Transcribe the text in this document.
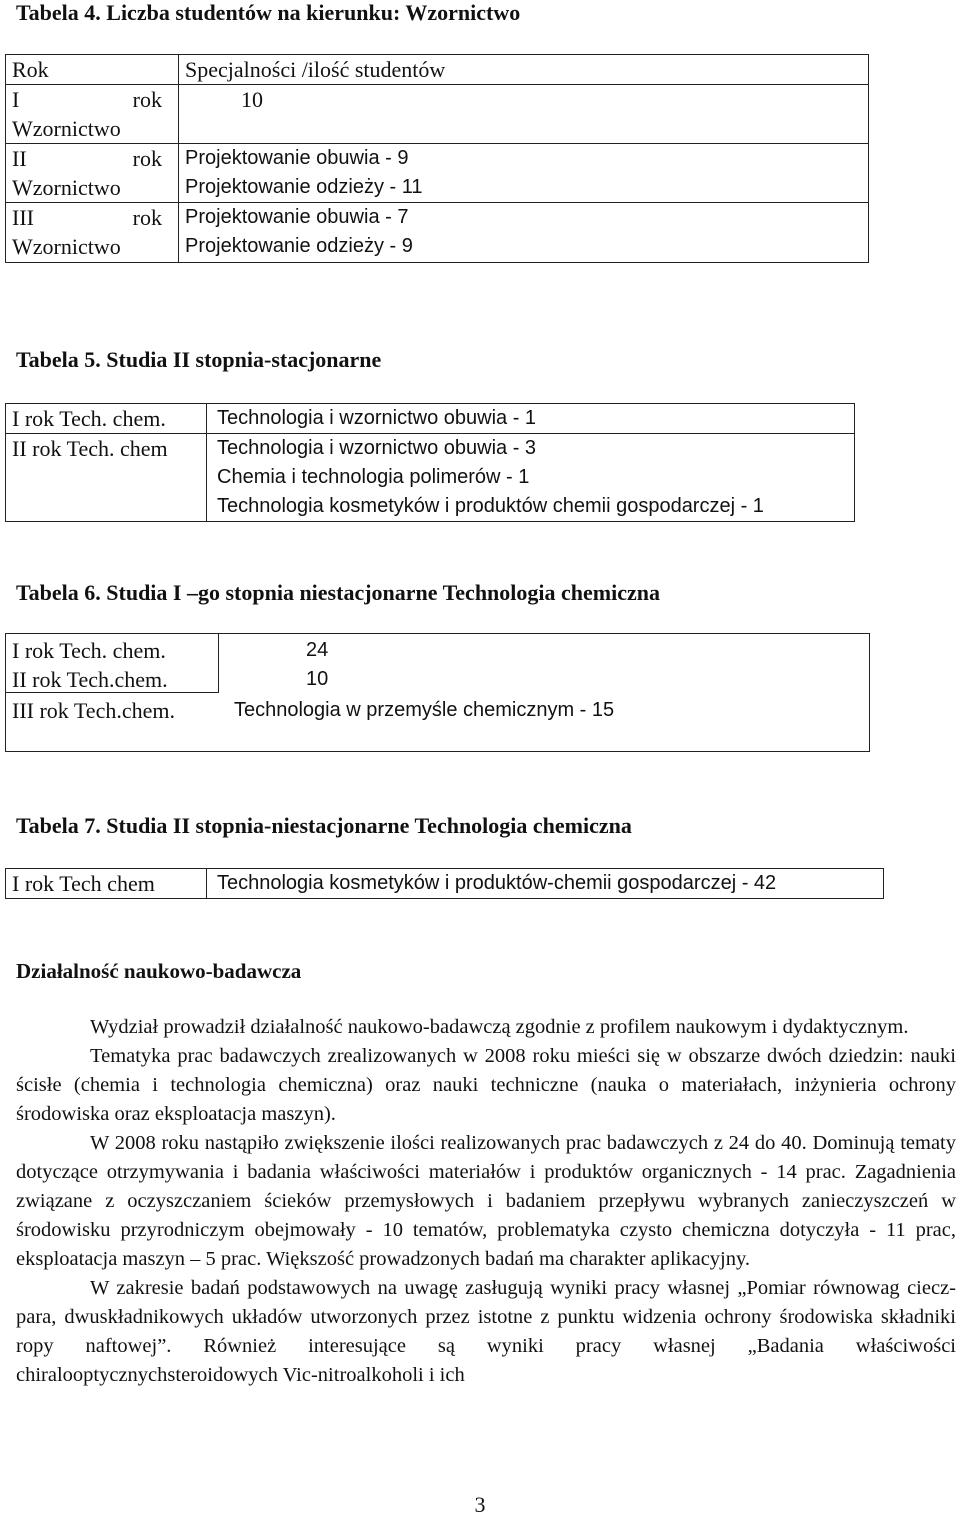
Tabela 4. Liczba studentów na kierunku: Wzornictwo
Rok	Specjalności /ilość studentów

I rok
Wzornictwo	10

II rok
Wzornictwo	Projektowanie obuwia - 9
Projektowanie odzieży - 11

III rok
Wzornictwo	Projektowanie obuwia - 7
Projektowanie odzieży - 9
Tabela 5. Studia II stopnia-stacjonarne
I rok Tech. chem.	Technologia i wzornictwo obuwia - 1

II rok Tech. chem	Technologia i wzornictwo obuwia - 3
Chemia i technologia polimerów - 1
Technologia kosmetyków i produktów chemii gospodarczej - 1
Tabela 6. Studia I –go stopnia niestacjonarne Technologia chemiczna
I rok Tech. chem.	24
II rok Tech.chem.	10
III rok Tech.chem.	Technologia w przemyśle chemicznym - 15
Tabela 7. Studia II stopnia-niestacjonarne Technologia chemiczna
I rok Tech chem	Technologia kosmetyków i produktów-chemii gospodarczej - 42
Działalność naukowo-badawcza

Wydział prowadził działalność naukowo-badawczą zgodnie z profilem naukowym i dydaktycznym.

Tematyka prac badawczych zrealizowanych w 2008 roku mieści się w obszarze dwóch dziedzin: nauki ścisłe (chemia i technologia chemiczna) oraz nauki techniczne (nauka o materiałach, inżynieria ochrony środowiska oraz eksploatacja maszyn).

W 2008 roku nastąpiło zwiększenie ilości realizowanych prac badawczych z 24 do 40. Dominują tematy dotyczące otrzymywania i badania właściwości materiałów i produktów organicznych - 14 prac. Zagadnienia związane z oczyszczaniem ścieków przemysłowych i badaniem przepływu wybranych zanieczyszczeń w środowisku przyrodniczym obejmowały - 10 tematów, problematyka czysto chemiczna dotyczyła - 11 prac, eksploatacja maszyn – 5 prac. Większość prowadzonych badań ma charakter aplikacyjny.

W zakresie badań podstawowych na uwagę zasługują wyniki pracy własnej „Pomiar równowag ciecz-para, dwuskładnikowych układów utworzonych przez istotne z punktu widzenia ochrony środowiska składniki ropy naftowej”. Również interesujące są wyniki pracy własnej „Badania właściwości chiralooptycznychsteroidowych Vic-nitroalkoholi i ich

3
